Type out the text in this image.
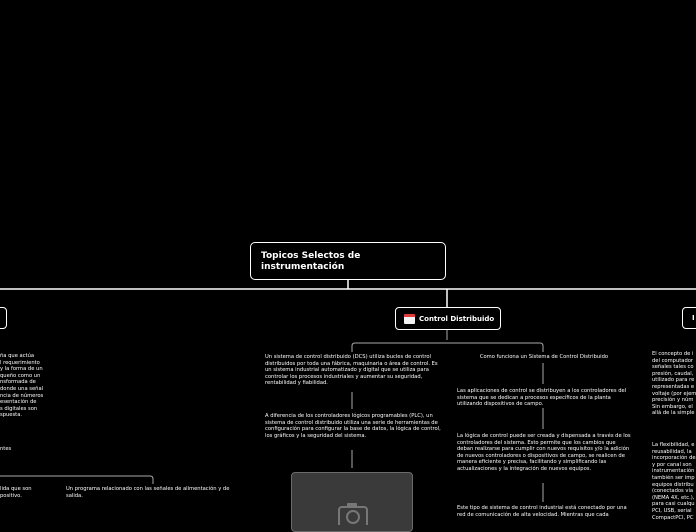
Topicos Selectos de instrumentación
Control Distribuido	I
Un sistema de control distribuido (DCS) utiliza bucles de control distribuidos por toda una fábrica, maquinaria o área de control. Es un sistema industrial automatizado y digital que se utiliza para controlar los procesos industriales y aumentar su seguridad, rentabilidad y fiabilidad.
A diferencia de los controladores lógicos programables (PLC), un sistema de control distribuido utiliza una serie de herramientas de configuración para configurar la base de datos, la lógica de control, los gráficos y la seguridad del sistema.
Como funciona un Sistema de Control Distribuido
Las aplicaciones de control se distribuyen a los controladores del sistema que se dedican a procesos específicos de la planta utilizando dispositivos de campo.
La lógica de control puede ser creada y dispensada a través de los controladores del sistema. Esto permite que los cambios que deban realizarse para cumplir con nuevos requisitos y/o la adición de nuevos controladores o dispositivos de campo, se realicen de manera eficiente y precisa, facilitando y simplificando las actualizaciones y la integración de nuevos equipos.
Este tipo de sistema de control industrial está conectado por una red de comunicación de alta velocidad. Mientras que cada
ña que actúa
l requerimiento
y la forma de un
queño como un
nsformada de
donde una señal
ncia de números
esentación de
s digitales son
spuesta.
ntes
lida que son
positivo.
Un programa relacionado con las señales de alimentación y de salida.
El concepto de i
del computador
señales tales co
presión, caudal,
utilizado para re
representadas e
voltaje (por ejem
precisión y núm
Sin embargo, el
allá de la simple
La flexibilidad, e
reusabilidad, la
incorporación de
y por canal son
instrumentación
también ser imp
equipos distribu
(conectados vía
(NEMA 4X, etc.),
para casi cualqu
PCI, USB, serial
CompactPCI, PC
